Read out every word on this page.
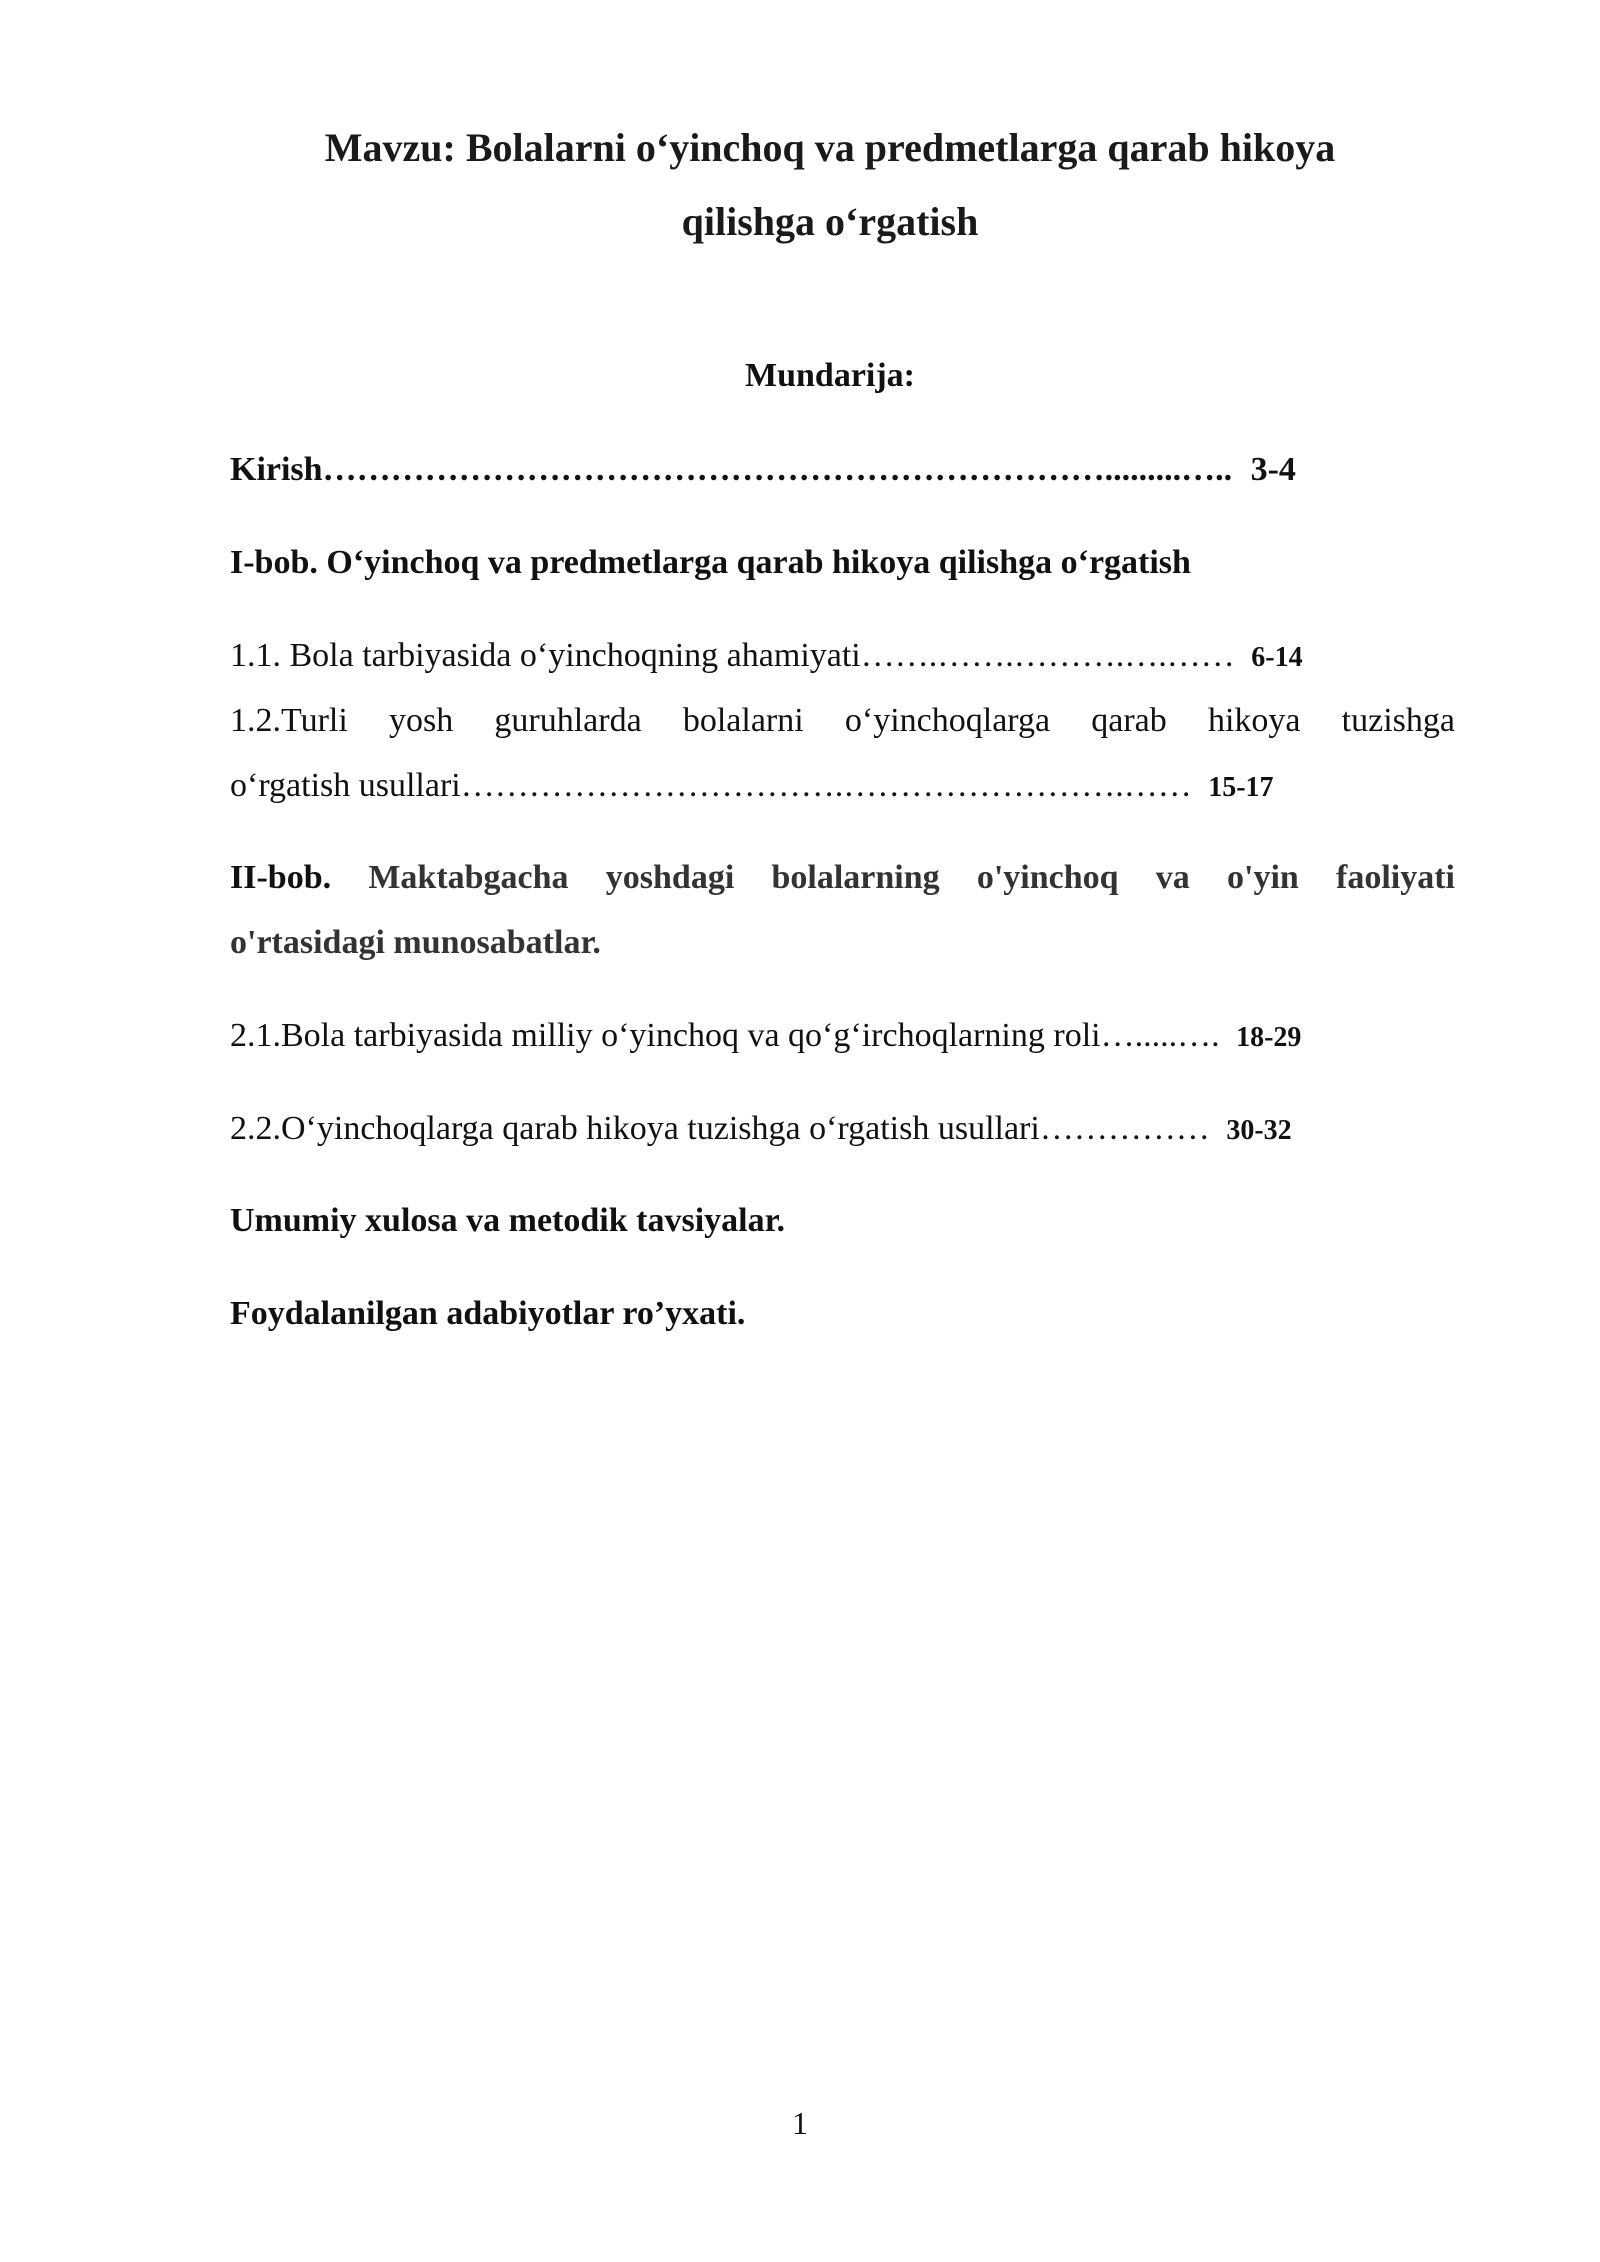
Mavzu: Bolalarni o‘yinchoq va predmetlarga qarab hikoya
qilishga o‘rgatish
Mundarija:
Kirish…………………………………………………………….........….. 3-4
I-bob. O‘yinchoq va predmetlarga qarab hikoya qilishga o‘rgatish
1.1. Bola tarbiyasida o‘yinchoqning ahamiyati…….…….……….….…… 6-14
1.2.Turli yosh guruhlarda bolalarni o‘yinchoqlarga qarab hikoya tuzishga
o‘rgatish usullari…………………………….…………………….…… 15-17
II-bob. Maktabgacha yoshdagi bolalarning o'yinchoq va o'yin faoliyati
o'rtasidagi munosabatlar.
2.1.Bola tarbiyasida milliy o‘yinchoq va qo‘g‘irchoqlarning roli….....…. 18-29
2.2.O‘yinchoqlarga qarab hikoya tuzishga o‘rgatish usullari…………… 30-32
Umumiy xulosa va metodik tavsiyalar.
Foydalanilgan adabiyotlar ro’yxati.
1
